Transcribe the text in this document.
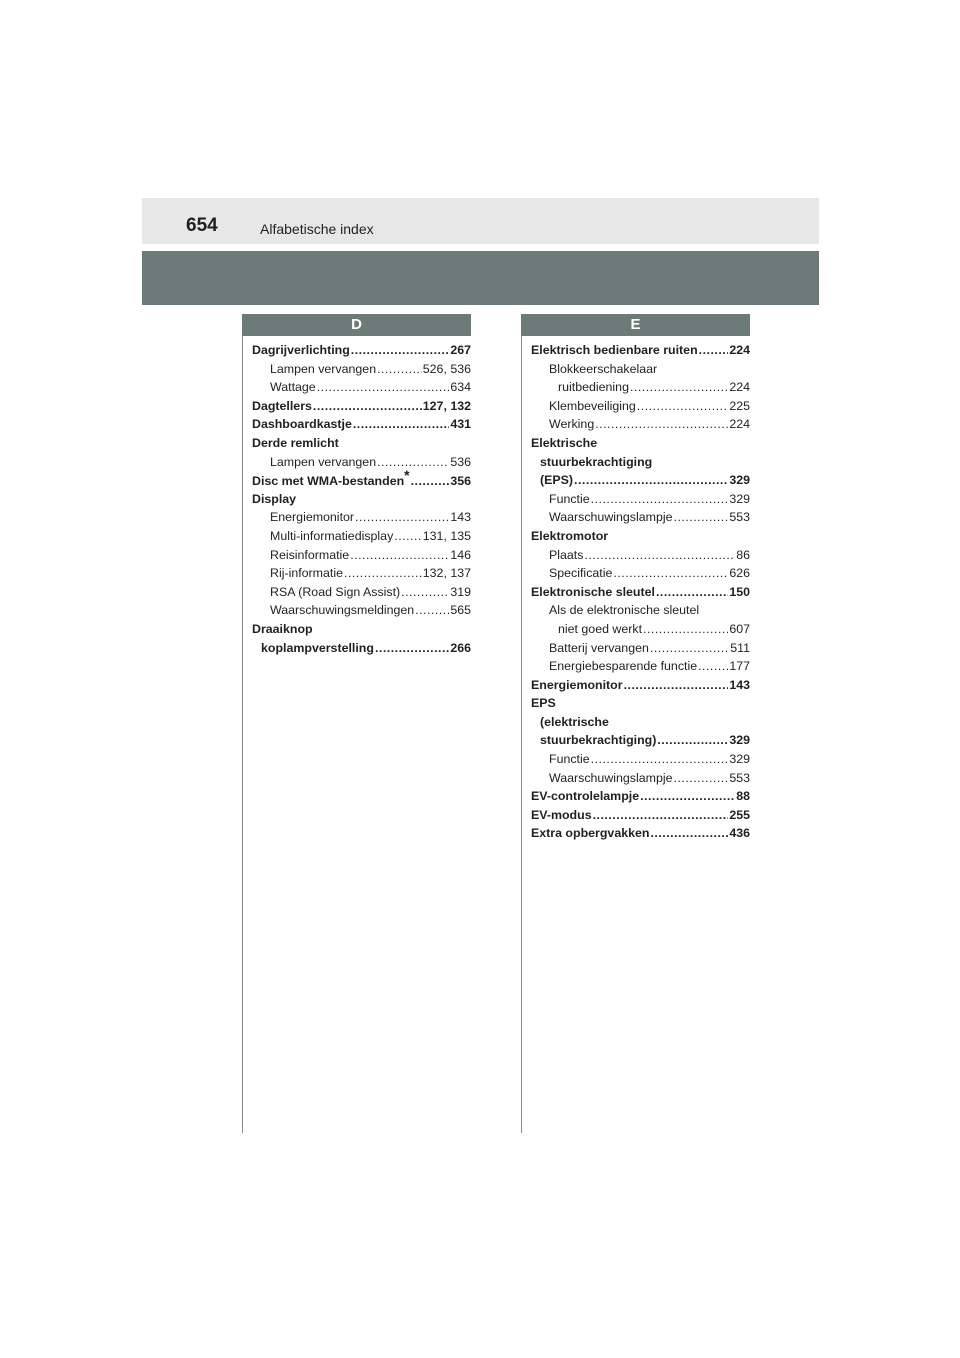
654	Alfabetische index
D
Dagrijverlichting .....	267
Lampen vervangen .....	526, 536
Wattage .....	634
Dagtellers .....	127, 132
Dashboardkastje .....	431
Derde remlicht
Lampen vervangen .....	536
Disc met WMA-bestanden * .....	356
Display
Energiemonitor .....	143
Multi-informatiedisplay ..... 131, 135
Reisinformatie .....	146
Rij-informatie .....	132, 137
RSA (Road Sign Assist) .....	319
Waarschuwingsmeldingen .....	565
Draaiknop
koplampverstelling .....	266
E
Elektrisch bedienbare ruiten .....	224
Blokkeerschakelaar
ruitbediening .....	224
Klembeveiliging .....	225
Werking .....	224
Elektrische
stuurbekrachtiging
(EPS) .....	329
Functie .....	329
Waarschuwingslampje .....	553
Elektromotor
Plaats .....	86
Specificatie .....	626
Elektronische sleutel .....	150
Als de elektronische sleutel
niet goed werkt .....	607
Batterij vervangen .....	511
Energiebesparende functie .....	177
Energiemonitor .....	143
EPS
(elektrische
stuurbekrachtiging) .....	329
Functie .....	329
Waarschuwingslampje .....	553
EV-controlelampje .....	88
EV-modus .....	255
Extra opbergvakken .....	436
